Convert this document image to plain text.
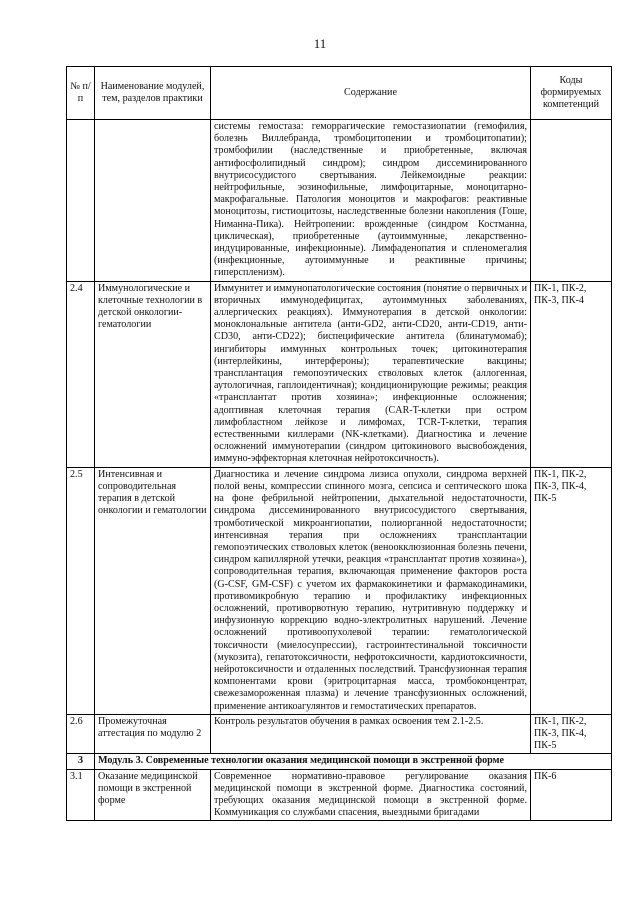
11
№ п/п	Наименование модулей, тем, разделов практики	Содержание	Коды формируемых компетенций
		системы гемостаза: геморрагические гемостазиопатии (гемофилия, болезнь Виллебранда, тромбоцитопении и тромбоцитопатии); тромбофилии (наследственные и приобретенные, включая антифосфолипидный синдром); синдром диссеминированного внутрисосудистого свертывания. Лейкемоидные реакции: нейтрофильные, эозинофильные, лимфоцитарные, моноцитарно-макрофагальные. Патология моноцитов и макрофагов: реактивные моноцитозы, гистиоцитозы, наследственные болезни накопления (Гоше, Ниманна-Пика). Нейтропении: врожденные (синдром Костманна, циклическая), приобретенные (аутоиммунные, лекарственно-индуцированные, инфекционные). Лимфаденопатия и спленомегалия (инфекционные, аутоиммунные и реактивные причины; гиперспленизм).	
2.4	Иммунологические и клеточные технологии в детской онкологии-гематологии	Иммунитет и иммунопатологические состояния (понятие о первичных и вторичных иммунодефицитах, аутоиммунных заболеваниях, аллергических реакциях). Иммунотерапия в детской онкологии: моноклональные антитела (анти-GD2, анти-CD20, анти-CD19, анти-CD30, анти-CD22); биспецифические антитела (блинатумомаб); ингибиторы иммунных контрольных точек; цитокинотерапия (интерлейкины, интерфероны); терапевтические вакцины; трансплантация гемопоэтических стволовых клеток (аллогенная, аутологичная, гаплоидентичная); кондиционирующие режимы; реакция «трансплантат против хозяина»; инфекционные осложнения; адоптивная клеточная терапия (CAR-T-клетки при остром лимфобластном лейкозе и лимфомах, TCR-T-клетки, терапия естественными киллерами (NK-клетками). Диагностика и лечение осложнений иммунотерапии (синдром цитокинового высвобождения, иммуно-эффекторная клеточная нейротоксичность).	ПК-1, ПК-2, ПК-3, ПК-4
2.5	Интенсивная и сопроводительная терапия в детской онкологии и гематологии	Диагностика и лечение синдрома лизиса опухоли, синдрома верхней полой вены, компрессии спинного мозга, сепсиса и септического шока на фоне фебрильной нейтропении, дыхательной недостаточности, синдрома диссеминированного внутрисосудистого свертывания, тромботической микроангиопатии, полиорганной недостаточности; интенсивная терапия при осложнениях трансплантации гемопоэтических стволовых клеток (веноокклюзионная болезнь печени, синдром капиллярной утечки, реакция «трансплантат против хозяина»), сопроводительная терапия, включающая применение факторов роста (G-CSF, GM-CSF) с учетом их фармакокинетики и фармакодинамики, противомикробную терапию и профилактику инфекционных осложнений, противорвотную терапию, нутритивную поддержку и инфузионную коррекцию водно-электролитных нарушений. Лечение осложнений противоопухолевой терапии: гематологической токсичности (миелосупрессии), гастроинтестинальной токсичности (мукозита), гепатотоксичности, нефротоксичности, кардиотоксичности, нейротоксичности и отдаленных последствий. Трансфузионная терапия компонентами крови (эритроцитарная масса, тромбоконцентрат, свежезамороженная плазма) и лечение трансфузионных осложнений, применение антикоагулянтов и гемостатических препаратов.	ПК-1, ПК-2, ПК-3, ПК-4, ПК-5
2.6	Промежуточная аттестация по модулю 2	Контроль результатов обучения в рамках освоения тем 2.1-2.5.	ПК-1, ПК-2, ПК-3, ПК-4, ПК-5
3	Модуль 3. Современные технологии оказания медицинской помощи в экстренной форме		
3.1	Оказание медицинской помощи в экстренной форме	Современное нормативно-правовое регулирование оказания медицинской помощи в экстренной форме. Диагностика состояний, требующих оказания медицинской помощи в экстренной форме. Коммуникация со службами спасения, выездными бригадами	ПК-6
